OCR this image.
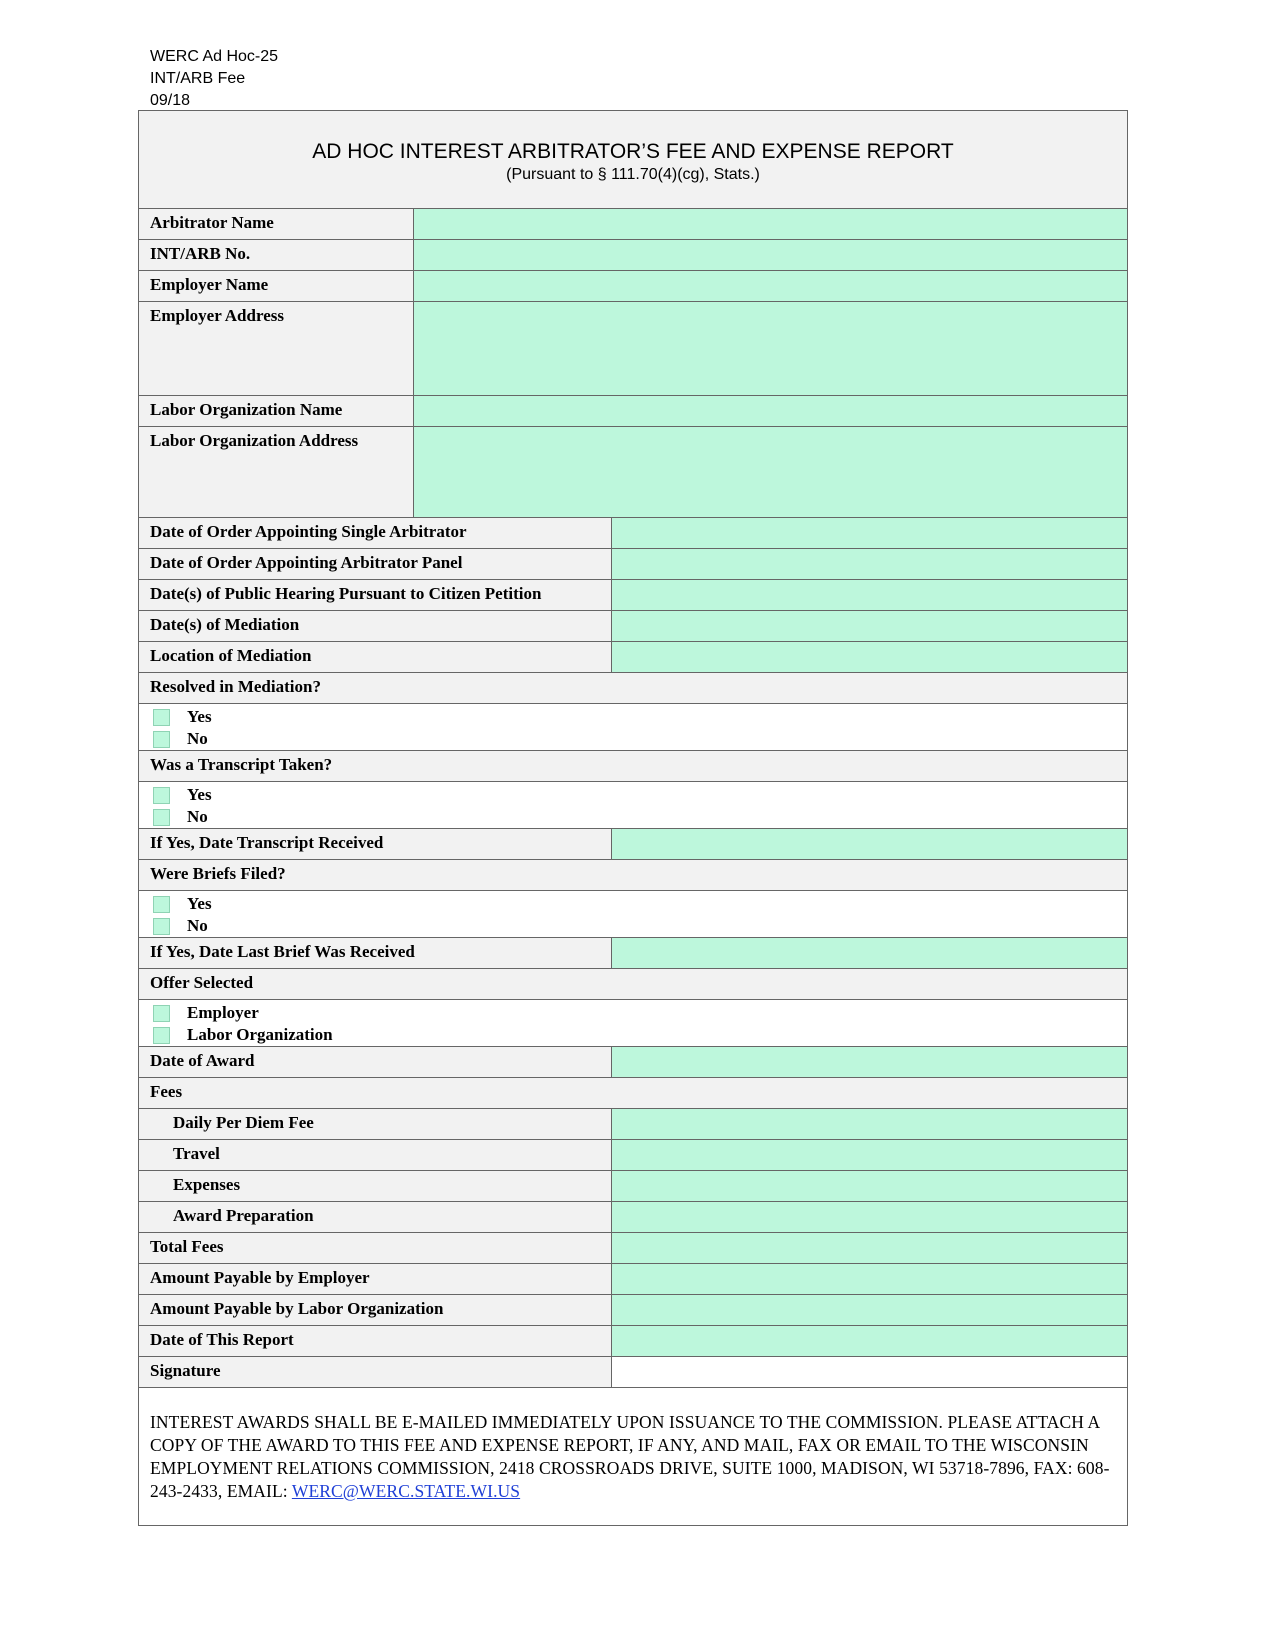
WERC Ad Hoc-25
INT/ARB Fee
09/18
AD HOC INTEREST ARBITRATOR’S FEE AND EXPENSE REPORT
(Pursuant to § 111.70(4)(cg), Stats.)
Arbitrator Name
INT/ARB No.
Employer Name
Employer Address
Labor Organization Name
Labor Organization Address
Date of Order Appointing Single Arbitrator
Date of Order Appointing Arbitrator Panel
Date(s) of Public Hearing Pursuant to Citizen Petition
Date(s) of Mediation
Location of Mediation
Resolved in Mediation?
Yes
No
Was a Transcript Taken?
Yes
No
If Yes, Date Transcript Received
Were Briefs Filed?
Yes
No
If Yes, Date Last Brief Was Received
Offer Selected
Employer
Labor Organization
Date of Award
Fees
Daily Per Diem Fee
Travel
Expenses
Award Preparation
Total Fees
Amount Payable by Employer
Amount Payable by Labor Organization
Date of This Report
Signature
INTEREST AWARDS SHALL BE E-MAILED IMMEDIATELY UPON ISSUANCE TO THE COMMISSION. PLEASE ATTACH A COPY OF THE AWARD TO THIS FEE AND EXPENSE REPORT, IF ANY, AND MAIL, FAX OR EMAIL TO THE WISCONSIN EMPLOYMENT RELATIONS COMMISSION, 2418 CROSSROADS DRIVE, SUITE 1000, MADISON, WI 53718-7896, FAX: 608-243-2433, EMAIL: WERC@WERC.STATE.WI.US
